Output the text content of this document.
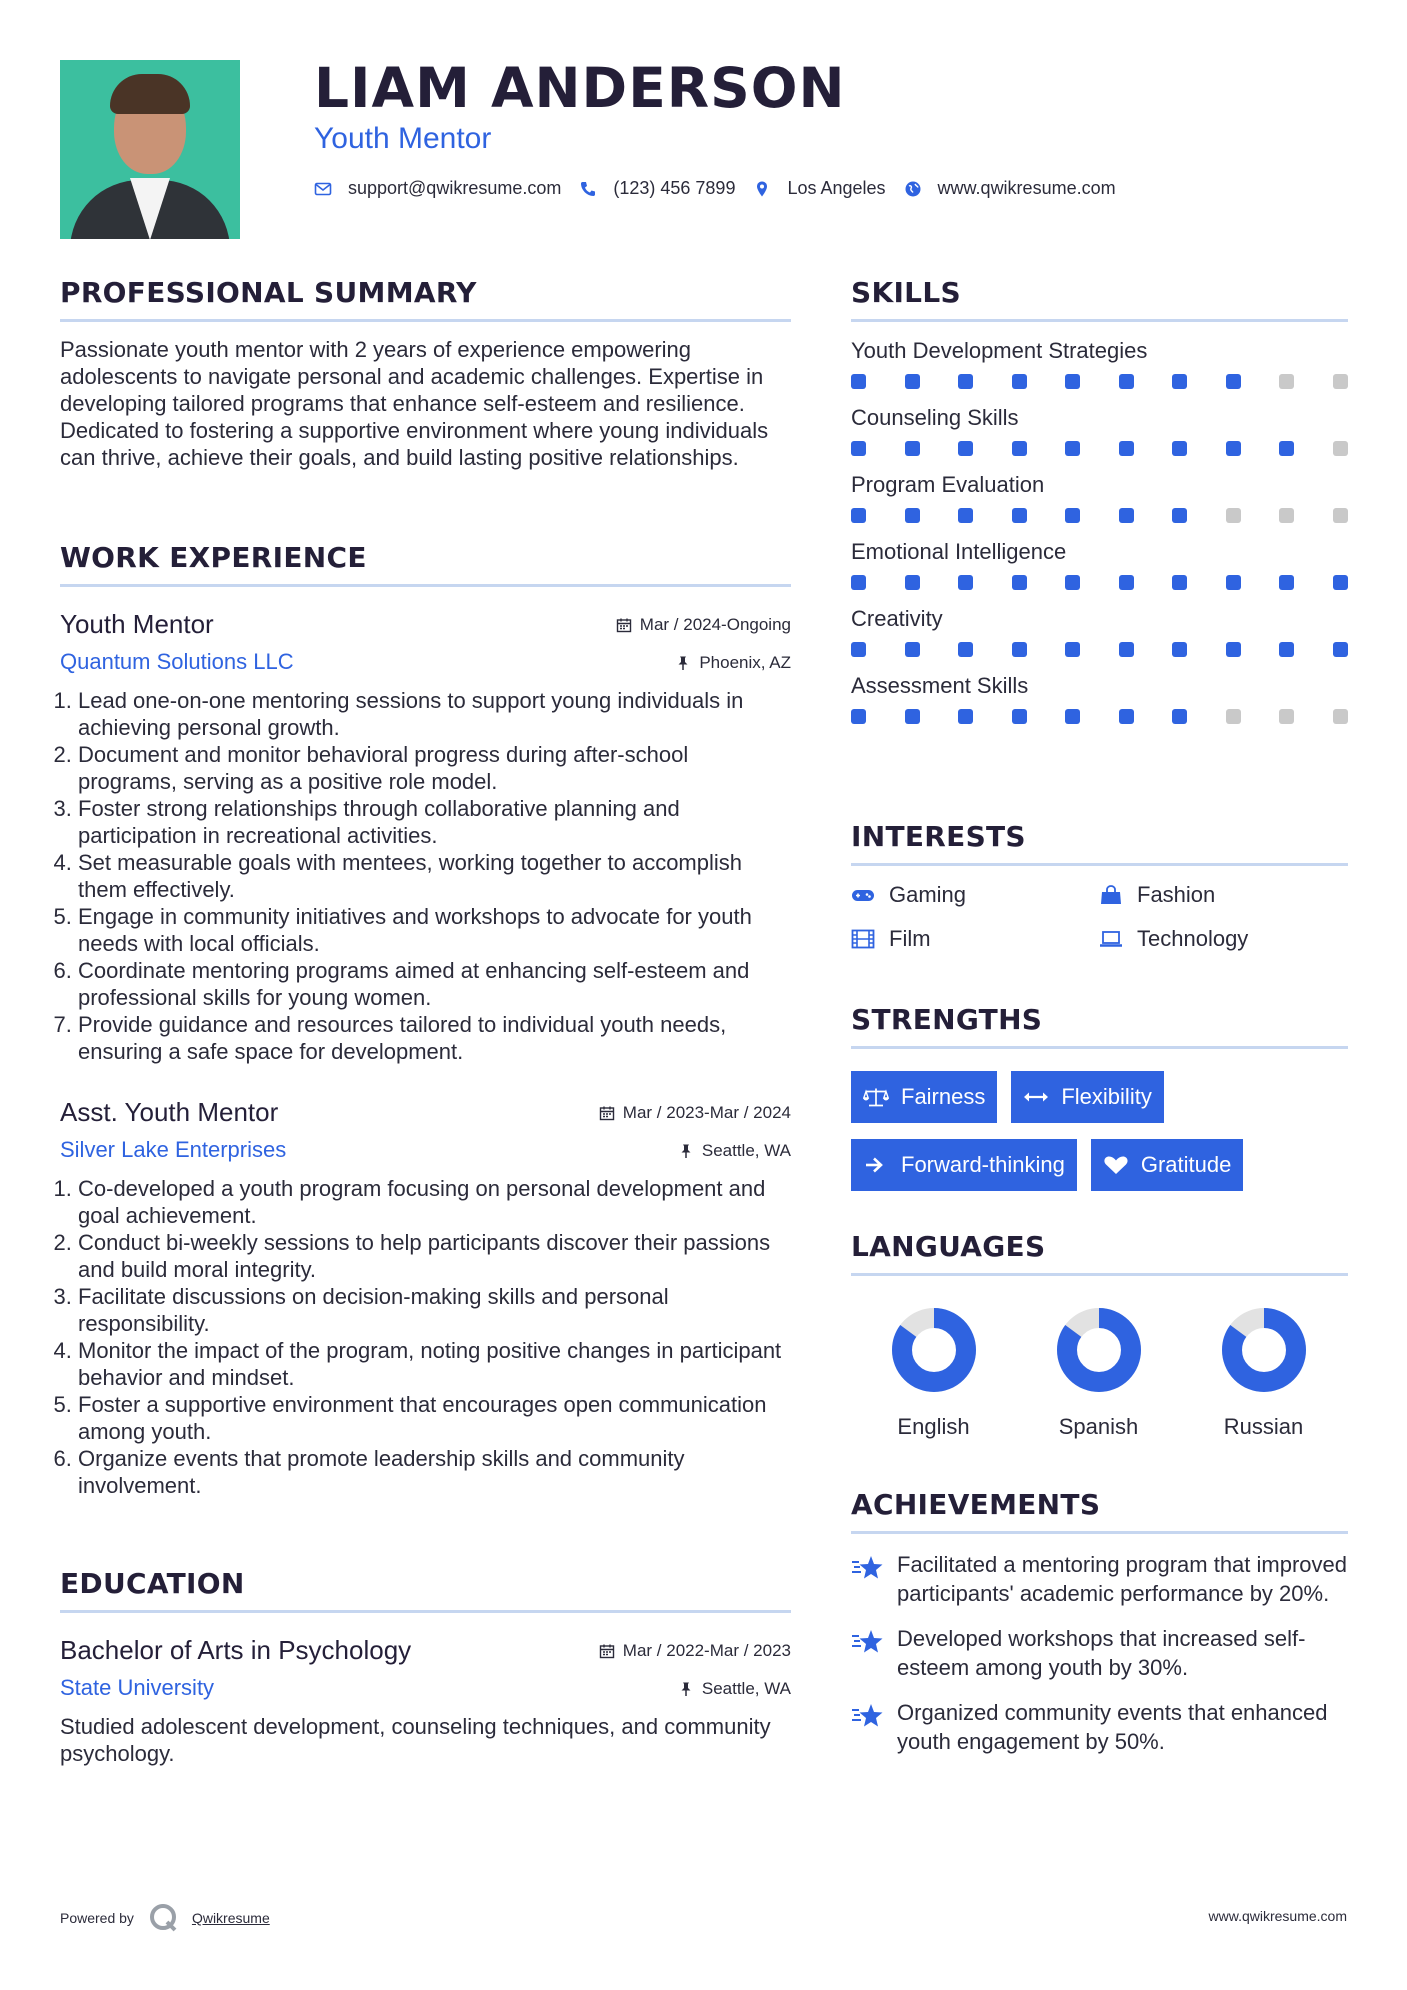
LIAM ANDERSON
Youth Mentor
support@qwikresume.com	(123) 456 7899	Los Angeles	www.qwikresume.com
PROFESSIONAL SUMMARY

Passionate youth mentor with 2 years of experience empowering adolescents to navigate personal and academic challenges. Expertise in developing tailored programs that enhance self-esteem and resilience. Dedicated to fostering a supportive environment where young individuals can thrive, achieve their goals, and build lasting positive relationships.

WORK EXPERIENCE
Youth Mentor	Mar / 2024-Ongoing
Quantum Solutions LLC	Phoenix, AZ
1. Lead one-on-one mentoring sessions to support young individuals in achieving personal growth.
2. Document and monitor behavioral progress during after-school programs, serving as a positive role model.
3. Foster strong relationships through collaborative planning and participation in recreational activities.
4. Set measurable goals with mentees, working together to accomplish them effectively.
5. Engage in community initiatives and workshops to advocate for youth needs with local officials.
6. Coordinate mentoring programs aimed at enhancing self-esteem and professional skills for young women.
7. Provide guidance and resources tailored to individual youth needs, ensuring a safe space for development.
Asst. Youth Mentor	Mar / 2023-Mar / 2024
Silver Lake Enterprises	Seattle, WA
1. Co-developed a youth program focusing on personal development and goal achievement.
2. Conduct bi-weekly sessions to help participants discover their passions and build moral integrity.
3. Facilitate discussions on decision-making skills and personal responsibility.
4. Monitor the impact of the program, noting positive changes in participant behavior and mindset.
5. Foster a supportive environment that encourages open communication among youth.
6. Organize events that promote leadership skills and community involvement.
EDUCATION
Bachelor of Arts in Psychology	Mar / 2022-Mar / 2023
State University	Seattle, WA

Studied adolescent development, counseling techniques, and community psychology.

SKILLS
Youth Development Strategies
Counseling Skills
Program Evaluation
Emotional Intelligence
Creativity
Assessment Skills
INTERESTS
Gaming	Fashion
Film	Technology
STRENGTHS
Fairness	Flexibility
Forward-thinking	Gratitude
LANGUAGES
English	Spanish	Russian
ACHIEVEMENTS
Facilitated a mentoring program that improved participants' academic performance by 20%.
Developed workshops that increased self-esteem among youth by 30%.
Organized community events that enhanced youth engagement by 50%.
Powered by	Qwikresume	www.qwikresume.com
